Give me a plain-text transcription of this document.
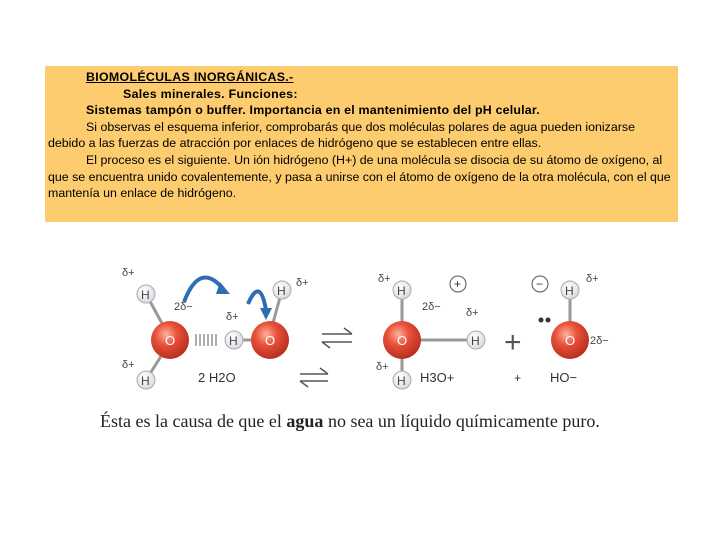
BIOMOLÉCULAS INORGÁNICAS.-

Sales minerales. Funciones:

Sistemas tampón o buffer. Importancia en el mantenimiento del pH celular.

Si observas el esquema inferior, comprobarás que dos moléculas polares de agua pueden ionizarse debido a las fuerzas de atracción por enlaces de hidrógeno que se establecen entre ellas.

El proceso es el siguiente. Un ión hidrógeno (H+) de una molécula se disocia de su átomo de oxígeno, al que se encuentra unido covalentemente, y pasa a unirse con el átomo de oxígeno de la otra molécula, con el que mantenía un enlace de hidrógeno.

O
H
H
δ+
δ+
2δ−
O
H
H
δ+
δ+
2 H2O
O
H
H
H
δ+
δ+
2δ− δ+
+
H3O+
+
+
O
H
−	δ+
2δ−
HO−
Ésta es la causa de que el agua no sea un líquido químicamente puro.
